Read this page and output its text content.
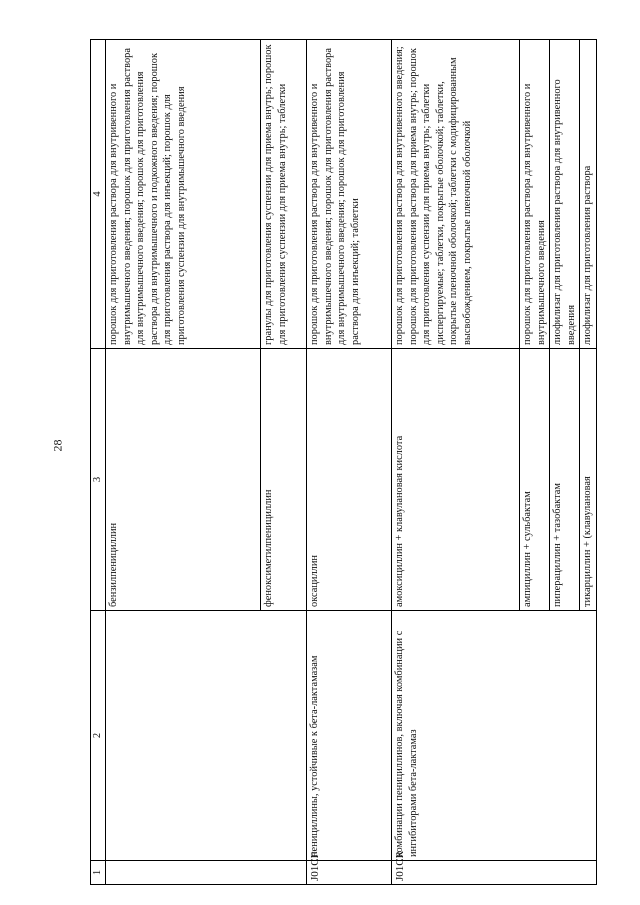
28
1	2	3	4
		бензилпенициллин	порошок для приготовления раствора для внутривенного и внутримышечного введения; порошок для приготовления раствора для внутримышечного введения; порошок для приготовления раствора для внутримышечного и подкожного введения; порошок для приготовления раствора для инъекций; порошок для приготовления суспензии для внутримышечного введения
		феноксиметилпенициллин	гранулы для приготовления суспензии для приема внутрь; порошок для приготовления суспензии для приема внутрь; таблетки
J01CF	пенициллины, устойчивые к бета-лактамазам	оксациллин	порошок для приготовления раствора для внутривенного и внутримышечного введения; порошок для приготовления раствора для внутримышечного введения; порошок для приготовления раствора для инъекций; таблетки
J01CR	комбинации пенициллинов, включая комбинации с ингибиторами бета-лактамаз	амоксициллин + клавулановая кислота	порошок для приготовления раствора для внутривенного введения; порошок для приготовления раствора для приема внутрь; порошок для приготовления суспензии для приема внутрь; таблетки диспергируемые; таблетки, покрытые оболочкой; таблетки, покрытые пленочной оболочкой; таблетки с модифицированным высвобождением, покрытые пленочной оболочкой
		ампициллин + сульбактам	порошок для приготовления раствора для внутривенного и внутримышечного введения
		пиперациллин + тазобактам	лиофилизат для приготовления раствора для внутривенного введения
		тикарциллин + (клавулановая	лиофилизат для приготовления раствора
